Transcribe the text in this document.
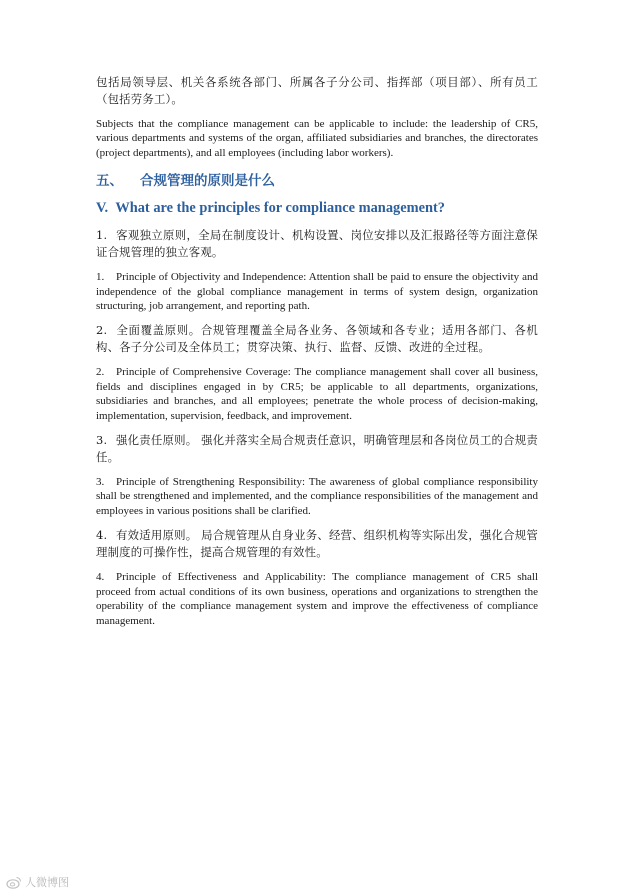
包括局领导层、机关各系统各部门、所属各子分公司、指挥部（项目部）、所有员工（包括劳务工）。

Subjects that the compliance management can be applicable to include: the leadership of CR5, various departments and systems of the organ, affiliated subsidiaries and branches, the directorates (project departments), and all employees (including labor workers).

五、 合规管理的原则是什么
V. What are the principles for compliance management?

1. 客观独立原则，全局在制度设计、机构设置、岗位安排以及汇报路径等方面注意保证合规管理的独立客观。

1. Principle of Objectivity and Independence: Attention shall be paid to ensure the objectivity and independence of the global compliance management in terms of system design, organization structuring, job arrangement, and reporting path.

2. 全面覆盖原则。合规管理覆盖全局各业务、各领域和各专业；适用各部门、各机构、各子分公司及全体员工；贯穿决策、执行、监督、反馈、改进的全过程。

2. Principle of Comprehensive Coverage: The compliance management shall cover all business, fields and disciplines engaged in by CR5; be applicable to all departments, organizations, subsidiaries and branches, and all employees; penetrate the whole process of decision-making, implementation, supervision, feedback, and improvement.

3. 强化责任原则。 强化并落实全局合规责任意识，明确管理层和各岗位员工的合规责任。

3. Principle of Strengthening Responsibility: The awareness of global compliance responsibility shall be strengthened and implemented, and the compliance responsibilities of the management and employees in various positions shall be clarified.

4. 有效适用原则。 局合规管理从自身业务、经营、组织机构等实际出发，强化合规管理制度的可操作性，提高合规管理的有效性。

4. Principle of Effectiveness and Applicability: The compliance management of CR5 shall proceed from actual conditions of its own business, operations and organizations to strengthen the operability of the compliance management system and improve the effectiveness of compliance management.

人微博图
